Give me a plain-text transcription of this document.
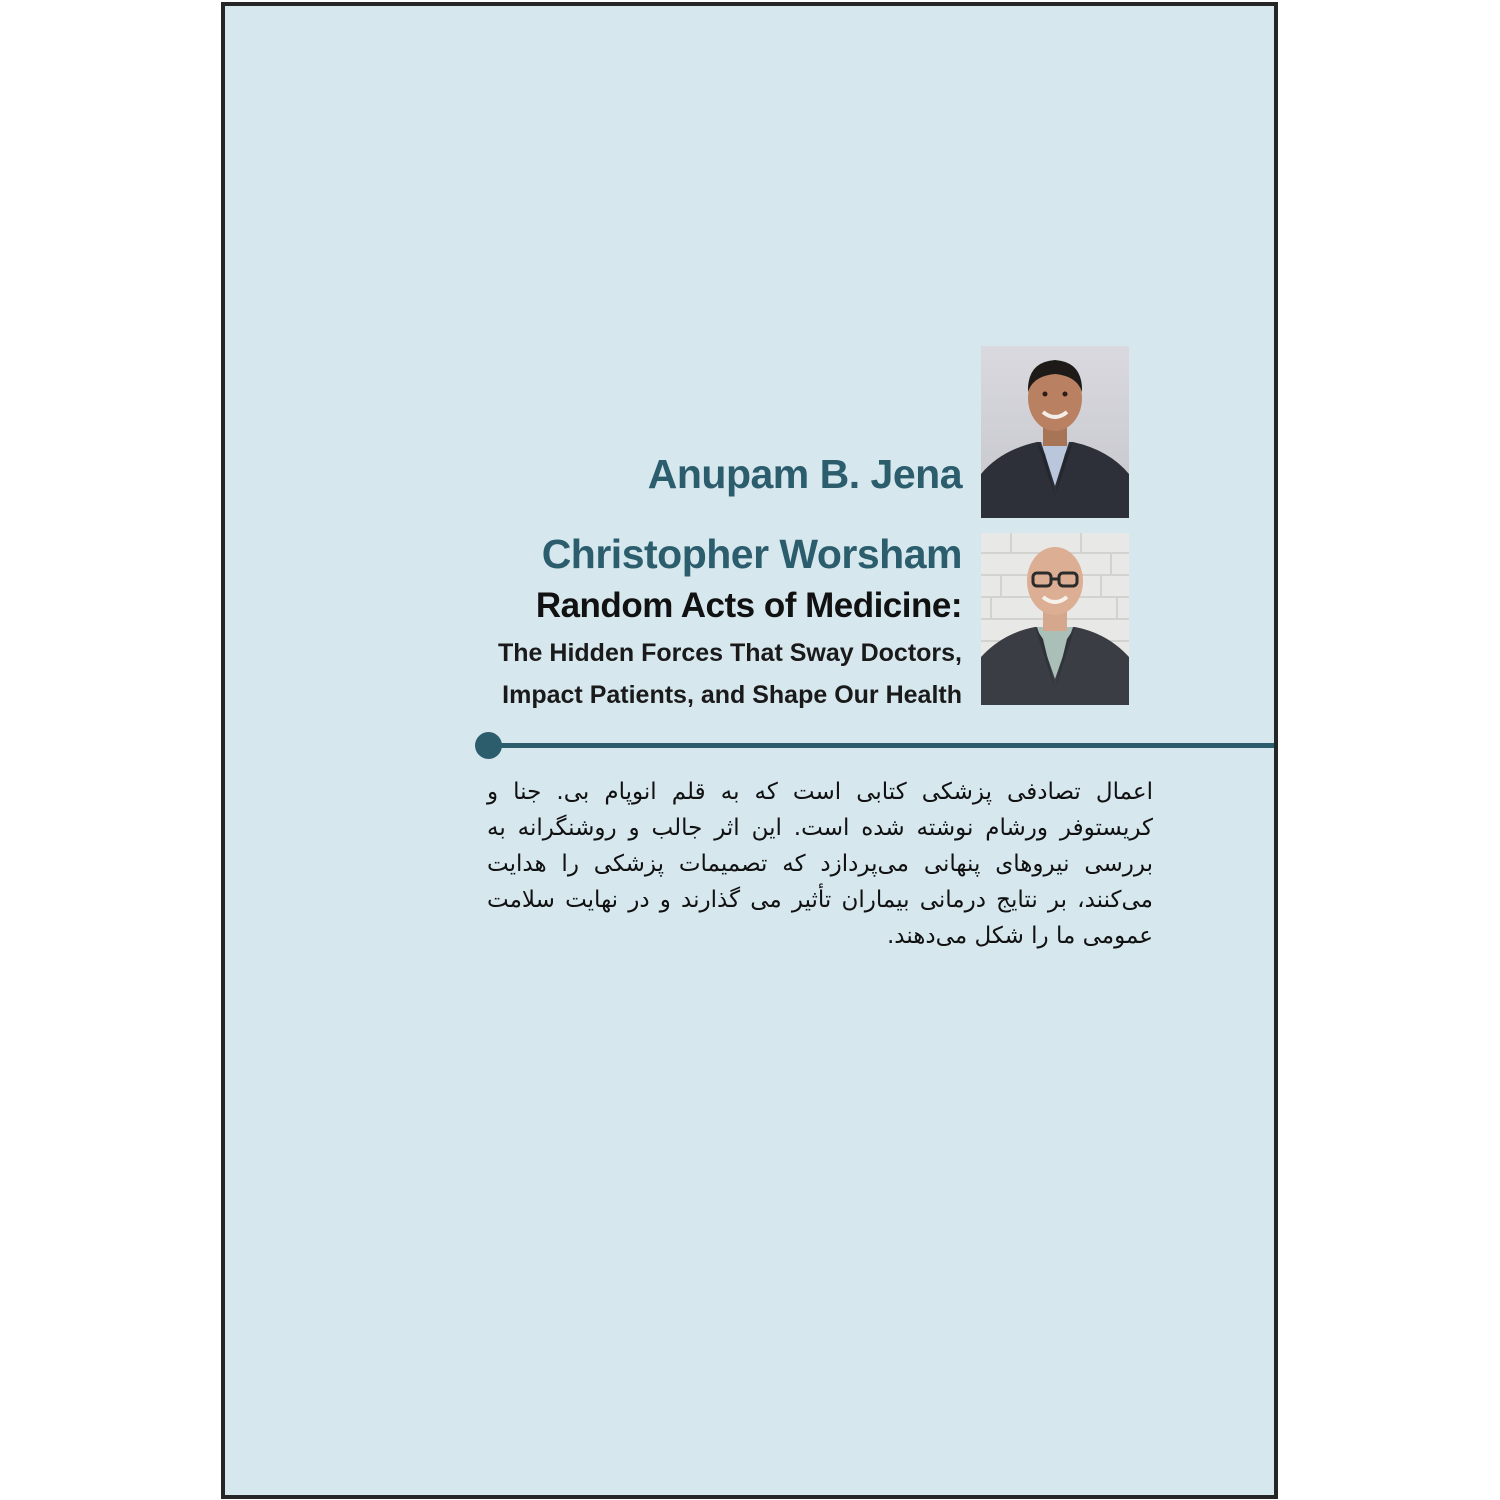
Anupam B. Jena
Christopher Worsham
Random Acts of Medicine:
The Hidden Forces That Sway Doctors,
Impact Patients, and Shape Our Health
اعمال تصادفی پزشکی کتابی است که به قلم انوپام بی. جنا و کریستوفر ورشام نوشته شده است. این اثر جالب و روشنگرانه به بررسی نیروهای پنهانی می‌پردازد که تصمیمات پزشکی را هدایت می‌کنند، بر نتایج درمانی بیماران تأثیر می گذارند و در نهایت سلامت عمومی ما را شکل می‌دهند.
